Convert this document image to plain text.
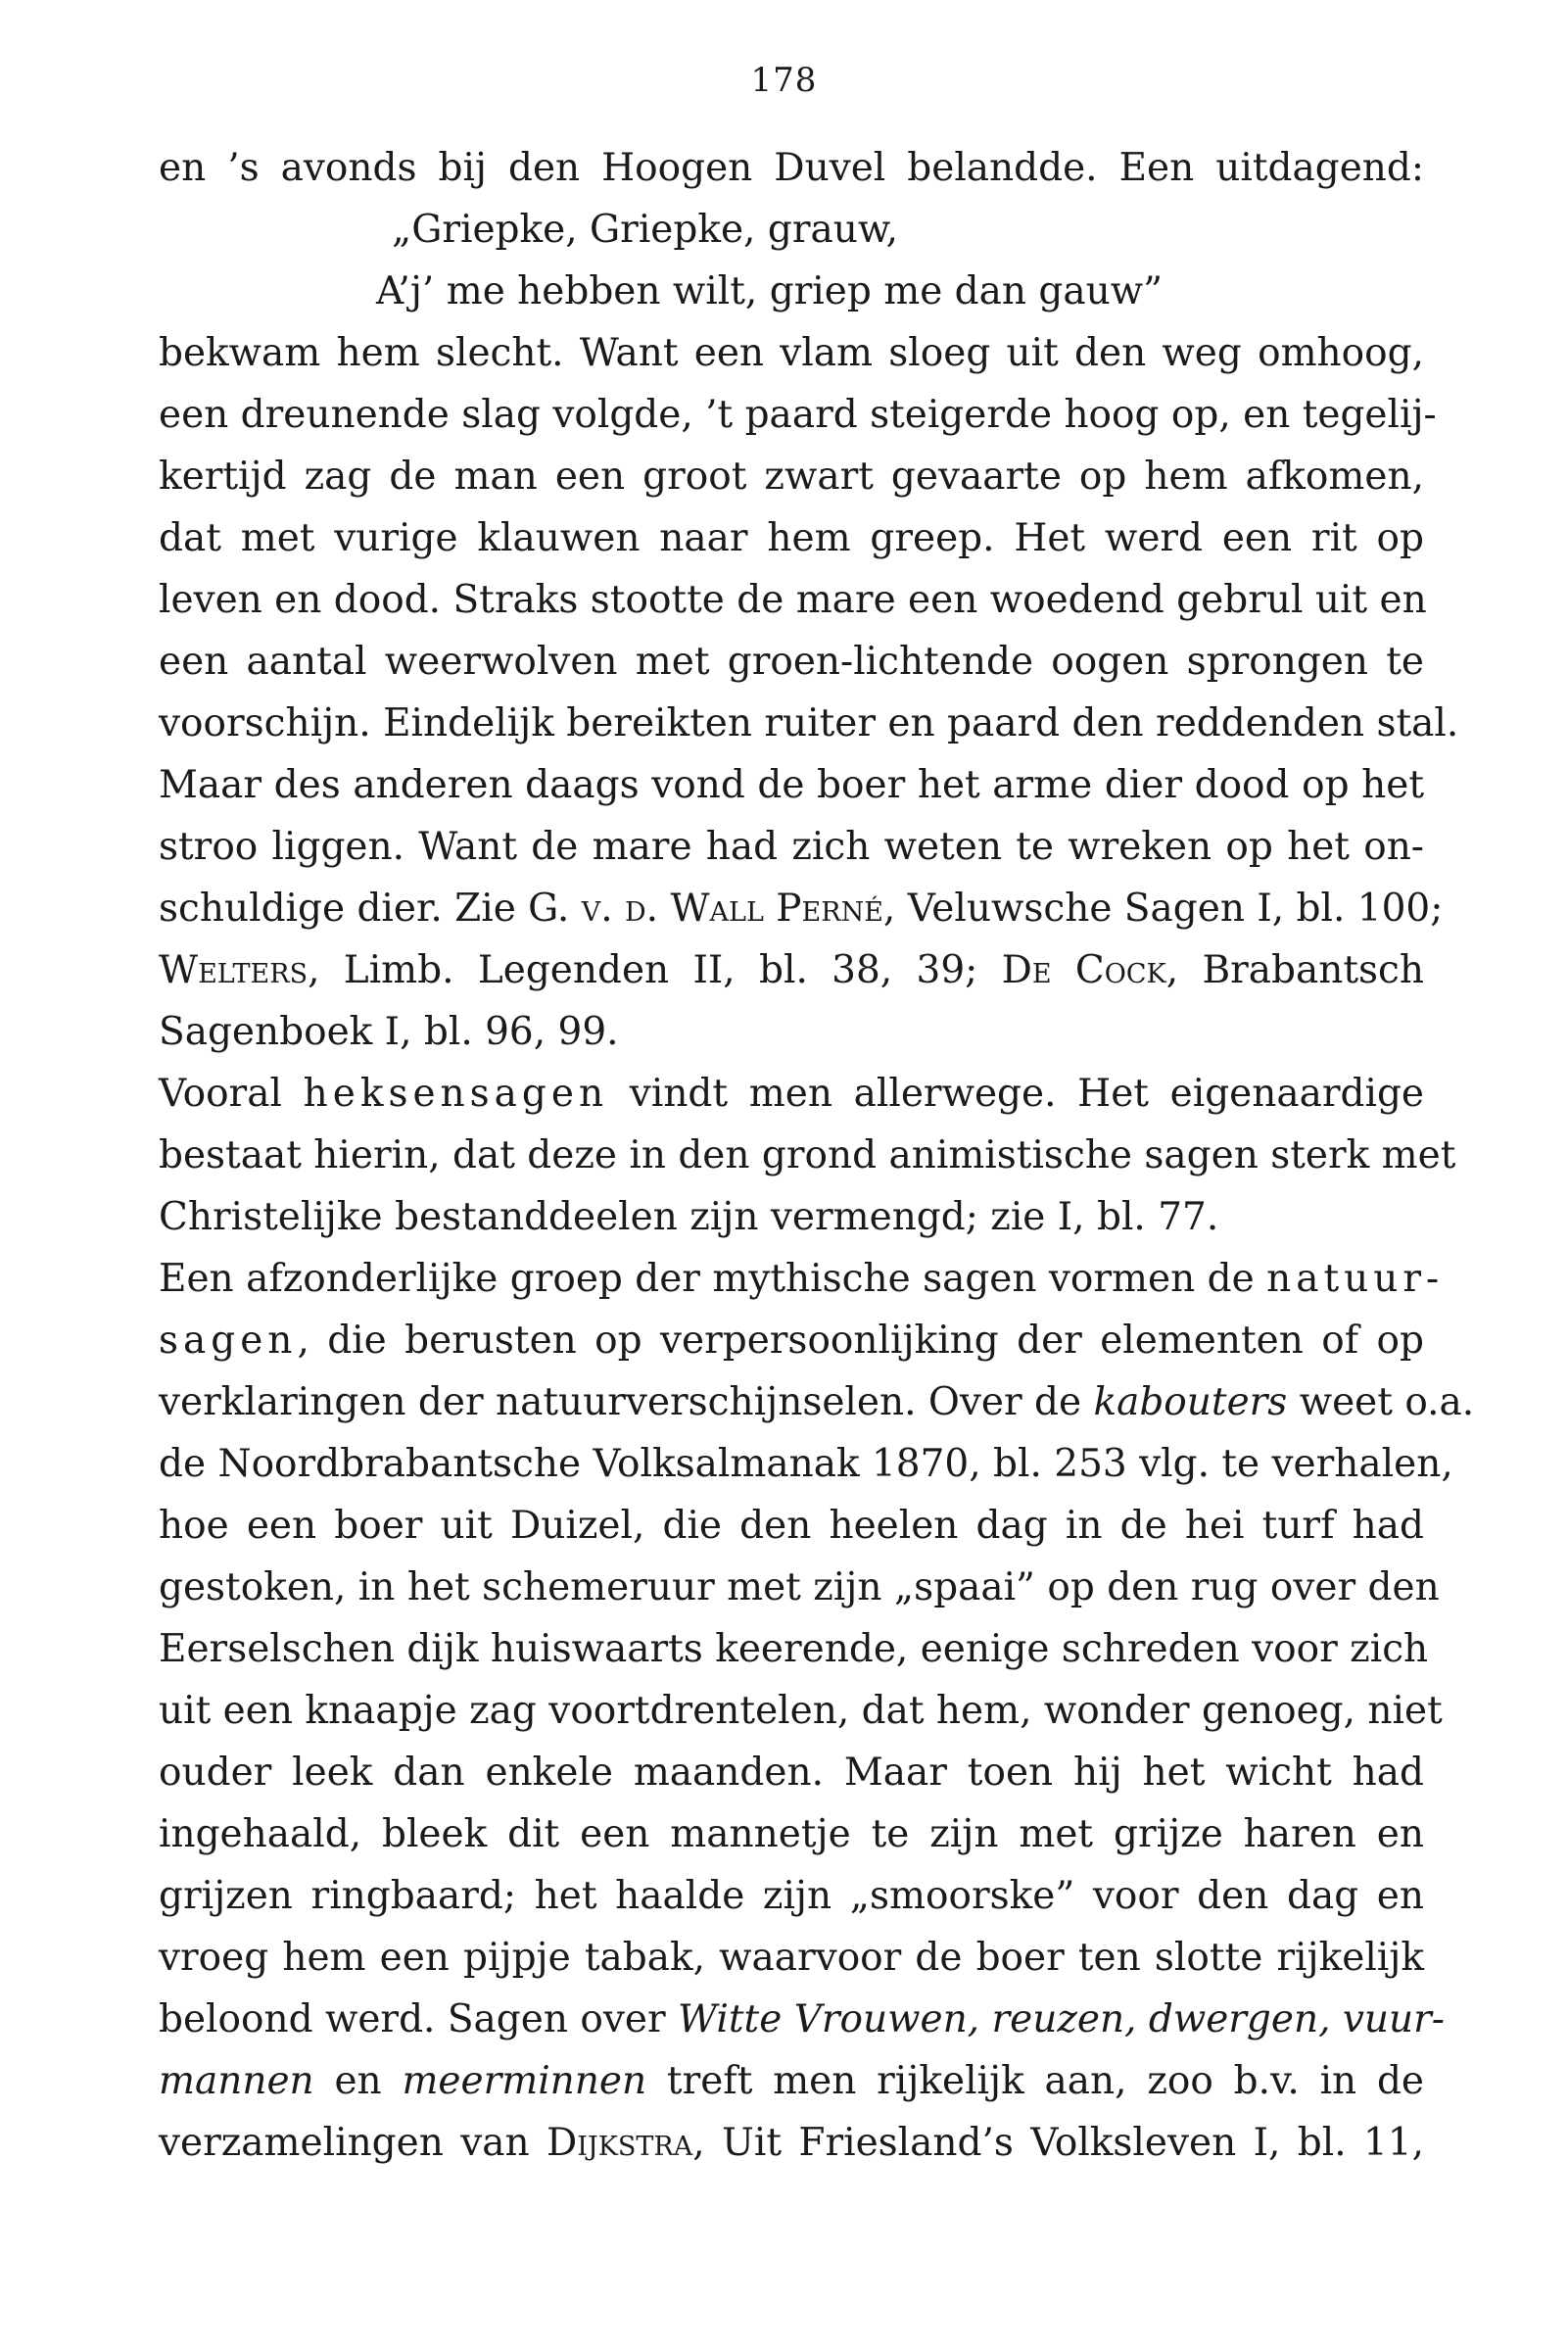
178
en ’s avonds bij den Hoogen Duvel belandde. Een uitdagend:
„Griepke, Griepke, grauw,
A’j’ me hebben wilt, griep me dan gauw”
bekwam hem slecht. Want een vlam sloeg uit den weg omhoog,
een dreunende slag volgde, ’t paard steigerde hoog op, en tegelij-
kertijd zag de man een groot zwart gevaarte op hem afkomen,
dat met vurige klauwen naar hem greep. Het werd een rit op
leven en dood. Straks stootte de mare een woedend gebrul uit en
een aantal weerwolven met groen-lichtende oogen sprongen te
voorschijn. Eindelijk bereikten ruiter en paard den reddenden stal.
Maar des anderen daags vond de boer het arme dier dood op het
stroo liggen. Want de mare had zich weten te wreken op het on-
schuldige dier. Zie G. v. d. Wall Perné, Veluwsche Sagen I, bl. 100;
Welters, Limb. Legenden II, bl. 38, 39; De Cock, Brabantsch
Sagenboek I, bl. 96, 99.
Vooral heksensagen vindt men allerwege. Het eigenaardige
bestaat hierin, dat deze in den grond animistische sagen sterk met
Christelijke bestanddeelen zijn vermengd; zie I, bl. 77.
Een afzonderlijke groep der mythische sagen vormen de natuur-
sagen, die berusten op verpersoonlijking der elementen of op
verklaringen der natuurverschijnselen. Over de kabouters weet o.a.
de Noordbrabantsche Volksalmanak 1870, bl. 253 vlg. te verhalen,
hoe een boer uit Duizel, die den heelen dag in de hei turf had
gestoken, in het schemeruur met zijn „spaai” op den rug over den
Eerselschen dijk huiswaarts keerende, eenige schreden voor zich
uit een knaapje zag voortdrentelen, dat hem, wonder genoeg, niet
ouder leek dan enkele maanden. Maar toen hij het wicht had
ingehaald, bleek dit een mannetje te zijn met grijze haren en
grijzen ringbaard; het haalde zijn „smoorske” voor den dag en
vroeg hem een pijpje tabak, waarvoor de boer ten slotte rijkelijk
beloond werd. Sagen over Witte Vrouwen, reuzen, dwergen, vuur-
mannen en meerminnen treft men rijkelijk aan, zoo b.v. in de
verzamelingen van Dijkstra, Uit Friesland’s Volksleven I, bl. 11,
